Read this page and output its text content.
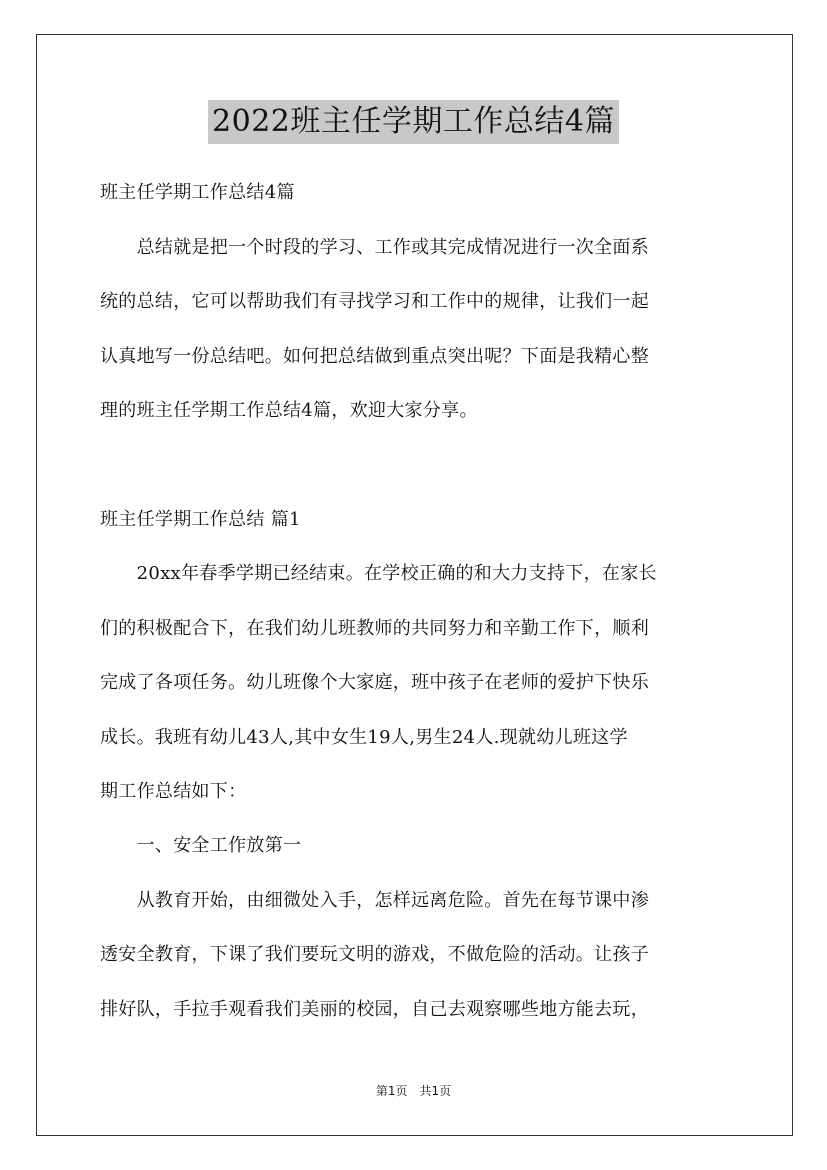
2022班主任学期工作总结4篇
班主任学期工作总结4篇
　　总结就是把一个时段的学习、工作或其完成情况进行一次全面系
统的总结，它可以帮助我们有寻找学习和工作中的规律，让我们一起
认真地写一份总结吧。如何把总结做到重点突出呢？下面是我精心整
理的班主任学期工作总结4篇，欢迎大家分享。
班主任学期工作总结 篇1
　　20xx年春季学期已经结束。在学校正确的和大力支持下，在家长
们的积极配合下，在我们幼儿班教师的共同努力和辛勤工作下，顺利
完成了各项任务。幼儿班像个大家庭，班中孩子在老师的爱护下快乐
成长。我班有幼儿43人,其中女生19人,男生24人.现就幼儿班这学
期工作总结如下：
　　一、安全工作放第一
　　从教育开始，由细微处入手，怎样远离危险。首先在每节课中渗
透安全教育，下课了我们要玩文明的游戏，不做危险的活动。让孩子
排好队，手拉手观看我们美丽的校园，自己去观察哪些地方能去玩，
第1页　共1页
